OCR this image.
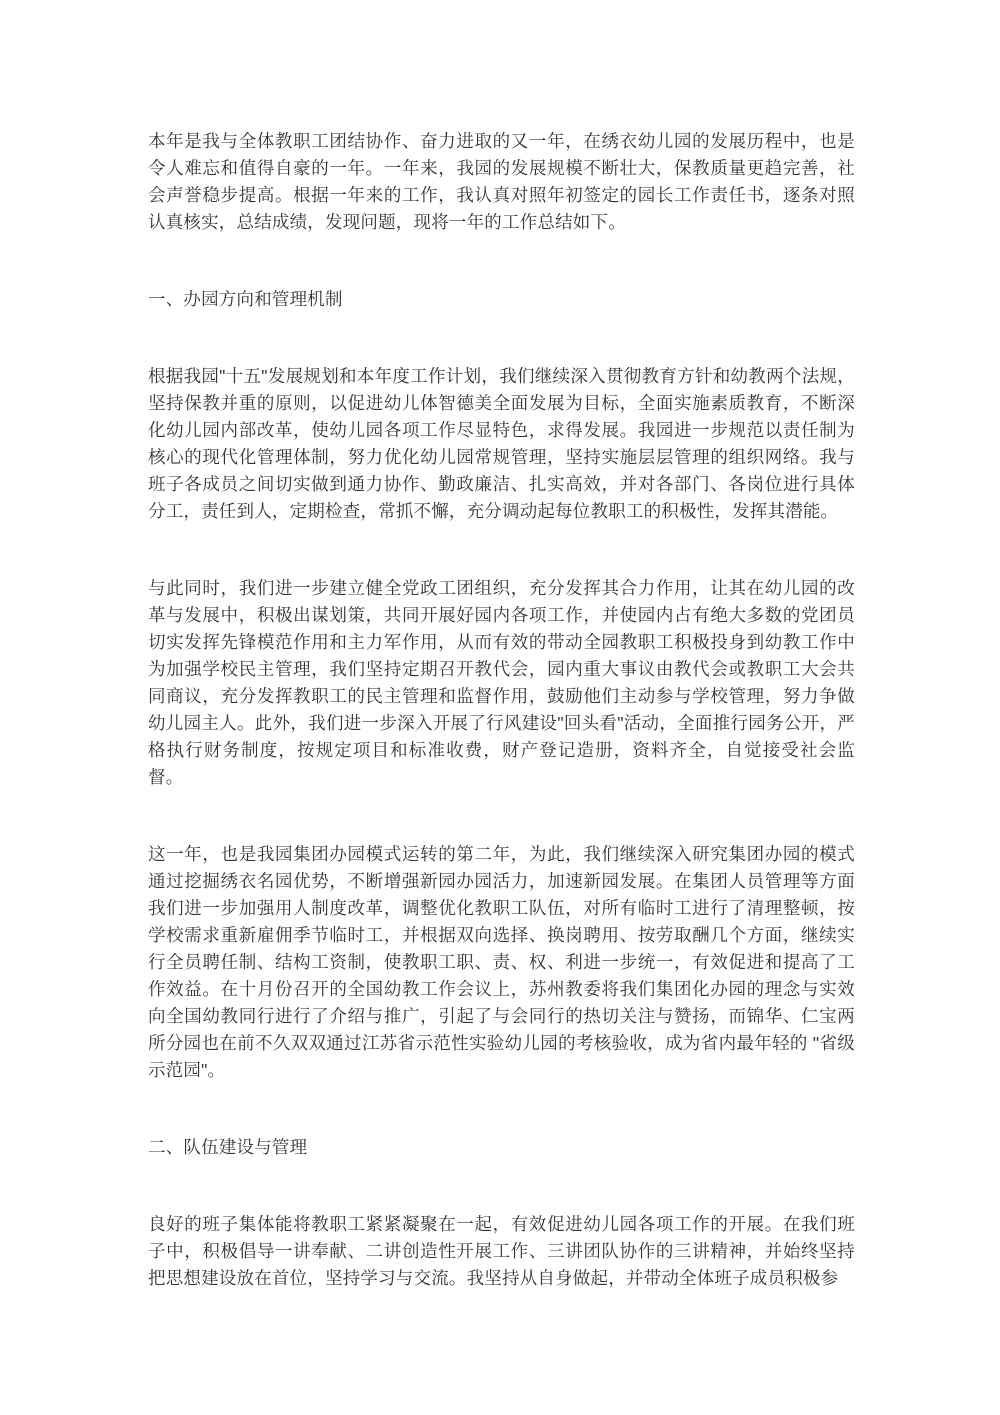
本年是我与全体教职工团结协作、奋力进取的又一年，在绣衣幼儿园的发展历程中，也是令人难忘和值得自豪的一年。一年来，我园的发展规模不断壮大，保教质量更趋完善，社会声誉稳步提高。根据一年来的工作，我认真对照年初签定的园长工作责任书，逐条对照认真核实，总结成绩，发现问题，现将一年的工作总结如下。

一、办园方向和管理机制

根据我园"十五"发展规划和本年度工作计划，我们继续深入贯彻教育方针和幼教两个法规，坚持保教并重的原则，以促进幼儿体智德美全面发展为目标，全面实施素质教育，不断深化幼儿园内部改革，使幼儿园各项工作尽显特色，求得发展。我园进一步规范以责任制为核心的现代化管理体制，努力优化幼儿园常规管理，坚持实施层层管理的组织网络。我与班子各成员之间切实做到通力协作、勤政廉洁、扎实高效，并对各部门、各岗位进行具体分工，责任到人，定期检查，常抓不懈，充分调动起每位教职工的积极性，发挥其潜能。

与此同时，我们进一步建立健全党政工团组织，充分发挥其合力作用，让其在幼儿园的改革与发展中，积极出谋划策，共同开展好园内各项工作，并使园内占有绝大多数的党团员切实发挥先锋模范作用和主力军作用，从而有效的带动全园教职工积极投身到幼教工作中为加强学校民主管理，我们坚持定期召开教代会，园内重大事议由教代会或教职工大会共同商议，充分发挥教职工的民主管理和监督作用，鼓励他们主动参与学校管理，努力争做幼儿园主人。此外，我们进一步深入开展了行风建设"回头看"活动，全面推行园务公开，严格执行财务制度，按规定项目和标准收费，财产登记造册，资料齐全，自觉接受社会监督。

这一年，也是我园集团办园模式运转的第二年，为此，我们继续深入研究集团办园的模式通过挖掘绣衣名园优势，不断增强新园办园活力，加速新园发展。在集团人员管理等方面我们进一步加强用人制度改革，调整优化教职工队伍，对所有临时工进行了清理整顿，按学校需求重新雇佣季节临时工，并根据双向选择、换岗聘用、按劳取酬几个方面，继续实行全员聘任制、结构工资制，使教职工职、责、权、利进一步统一，有效促进和提高了工作效益。在十月份召开的全国幼教工作会议上，苏州教委将我们集团化办园的理念与实效向全国幼教同行进行了介绍与推广，引起了与会同行的热切关注与赞扬，而锦华、仁宝两所分园也在前不久双双通过江苏省示范性实验幼儿园的考核验收，成为省内最年轻的 "省级示范园"。

二、队伍建设与管理

良好的班子集体能将教职工紧紧凝聚在一起，有效促进幼儿园各项工作的开展。在我们班子中，积极倡导一讲奉献、二讲创造性开展工作、三讲团队协作的三讲精神，并始终坚持把思想建设放在首位，坚持学习与交流。我坚持从自身做起，并带动全体班子成员积极参
